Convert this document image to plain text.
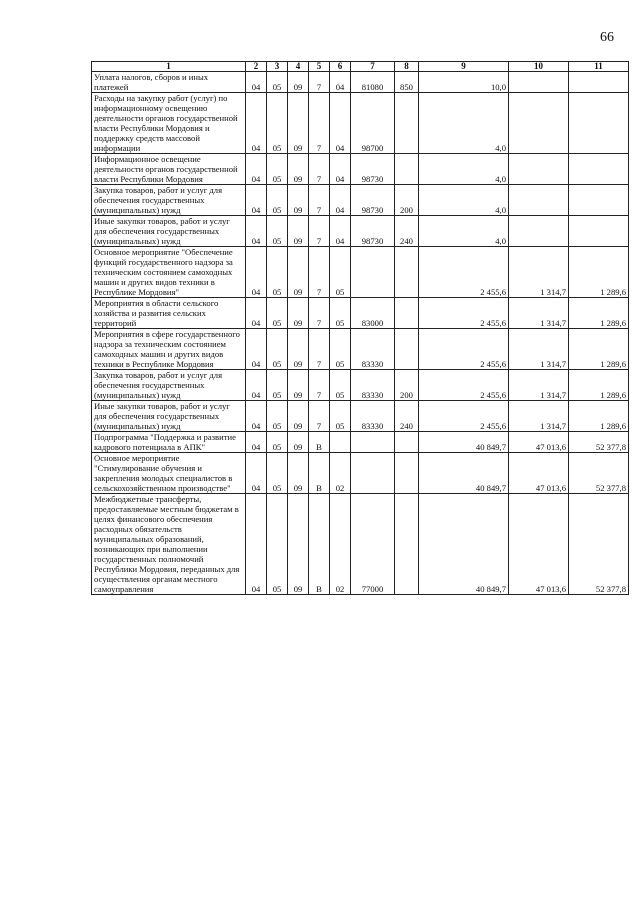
66
1	2	3	4	5	6	7	8	9	10	11
Уплата налогов, сборов и иных платежей	04	05	09	7	04	81080	850	10,0		
Расходы на закупку работ (услуг) по информационному освещению деятельности органов государственной власти Республики Мордовия и поддержку средств массовой информации	04	05	09	7	04	98700		4,0		
Информационное освещение деятельности органов государственной власти Республики Мордовия	04	05	09	7	04	98730		4,0		
Закупка товаров, работ и услуг для обеспечения государственных (муниципальных) нужд	04	05	09	7	04	98730	200	4,0		
Иные закупки товаров, работ и услуг для обеспечения государственных (муниципальных) нужд	04	05	09	7	04	98730	240	4,0		
Основное мероприятие "Обеспечение функций государственного надзора за техническим состоянием самоходных машин и других видов техники в Республике Мордовия"	04	05	09	7	05			2 455,6	1 314,7	1 289,6
Мероприятия в области сельского хозяйства и развития сельских территорий	04	05	09	7	05	83000		2 455,6	1 314,7	1 289,6
Мероприятия в сфере государственного надзора за техническим состоянием самоходных машин и других видов техники в Республике Мордовия	04	05	09	7	05	83330		2 455,6	1 314,7	1 289,6
Закупка товаров, работ и услуг для обеспечения государственных (муниципальных) нужд	04	05	09	7	05	83330	200	2 455,6	1 314,7	1 289,6
Иные закупки товаров, работ и услуг для обеспечения государственных (муниципальных) нужд	04	05	09	7	05	83330	240	2 455,6	1 314,7	1 289,6
Подпрограмма "Поддержка и развитие кадрового потенциала в АПК"	04	05	09	В				40 849,7	47 013,6	52 377,8
Основное мероприятие "Стимулирование обучения и закрепления молодых специалистов в сельскохозяйственном производстве"	04	05	09	В	02			40 849,7	47 013,6	52 377,8
Межбюджетные трансферты, предоставляемые местным бюджетам в целях финансового обеспечения расходных обязательств муниципальных образований, возникающих при выполнении государственных полномочий Республики Мордовия, переданных для осуществления органам местного самоуправления	04	05	09	В	02	77000		40 849,7	47 013,6	52 377,8
